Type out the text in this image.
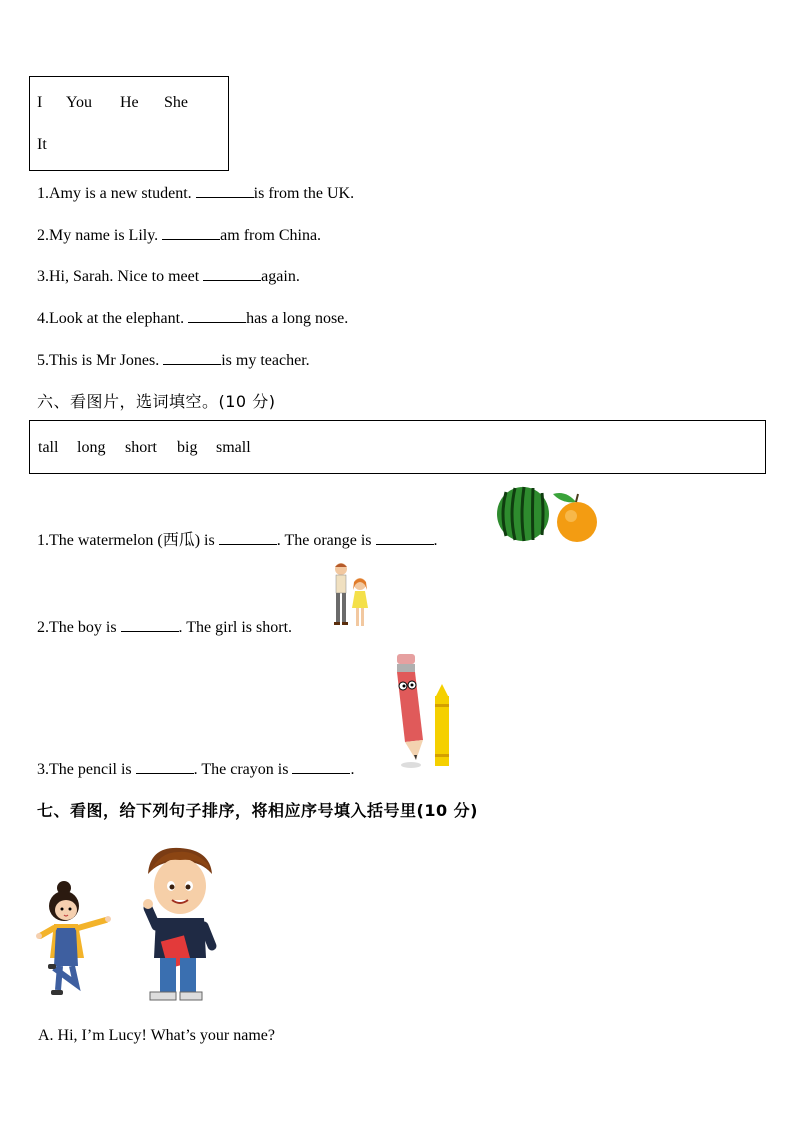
I You He She
It
1.Amy is a new student.	is from the UK.
2.My name is Lily.	am from China.
3.Hi, Sarah. Nice to meet	again.
4.Look at the elephant.	has a long nose.
5.This is Mr Jones.	is my teacher.
六、看图片，选词填空。(10 分)
tall long short big small
1.The watermelon (西瓜) is	. The orange is	.
2.The boy is	. The girl is short.
3.The pencil is	. The crayon is	.
七、看图，给下列句子排序，将相应序号填入括号里(10 分)
A. Hi, I’m Lucy! What’s your name?
